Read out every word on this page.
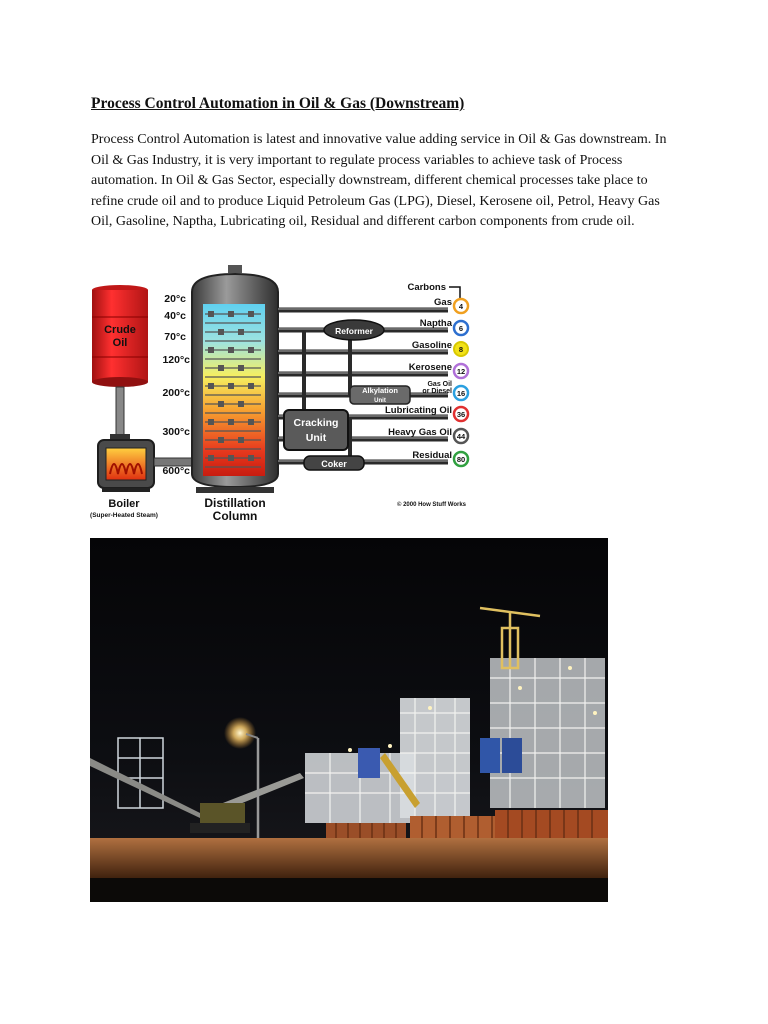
Process Control Automation in Oil & Gas (Downstream)
Process Control Automation is latest and innovative value adding service in Oil & Gas downstream. In Oil & Gas Industry, it is very important to regulate process variables to achieve task of Process automation. In Oil & Gas Sector, especially downstream, different chemical processes take place to refine crude oil and to produce Liquid Petroleum Gas (LPG), Diesel, Kerosene oil, Petrol, Heavy Gas Oil, Gasoline, Naptha, Lubricating oil, Residual and different carbon components from crude oil.
Crude
Oil
Boiler
(Super-Heated Steam)
20°c
40°c
70°c
120°c
200°c
300°c
600°c
Distillation
Column
Reformer
Alkylation
Unit
Cracking
Unit
Coker
Carbons
Gas
Naptha
Gasoline
Kerosene
Gas Oil
or Diesel
Lubricating Oil
Heavy Gas Oil
Residual
4
6
8
12
16
36
44
80
© 2000 How Stuff Works
